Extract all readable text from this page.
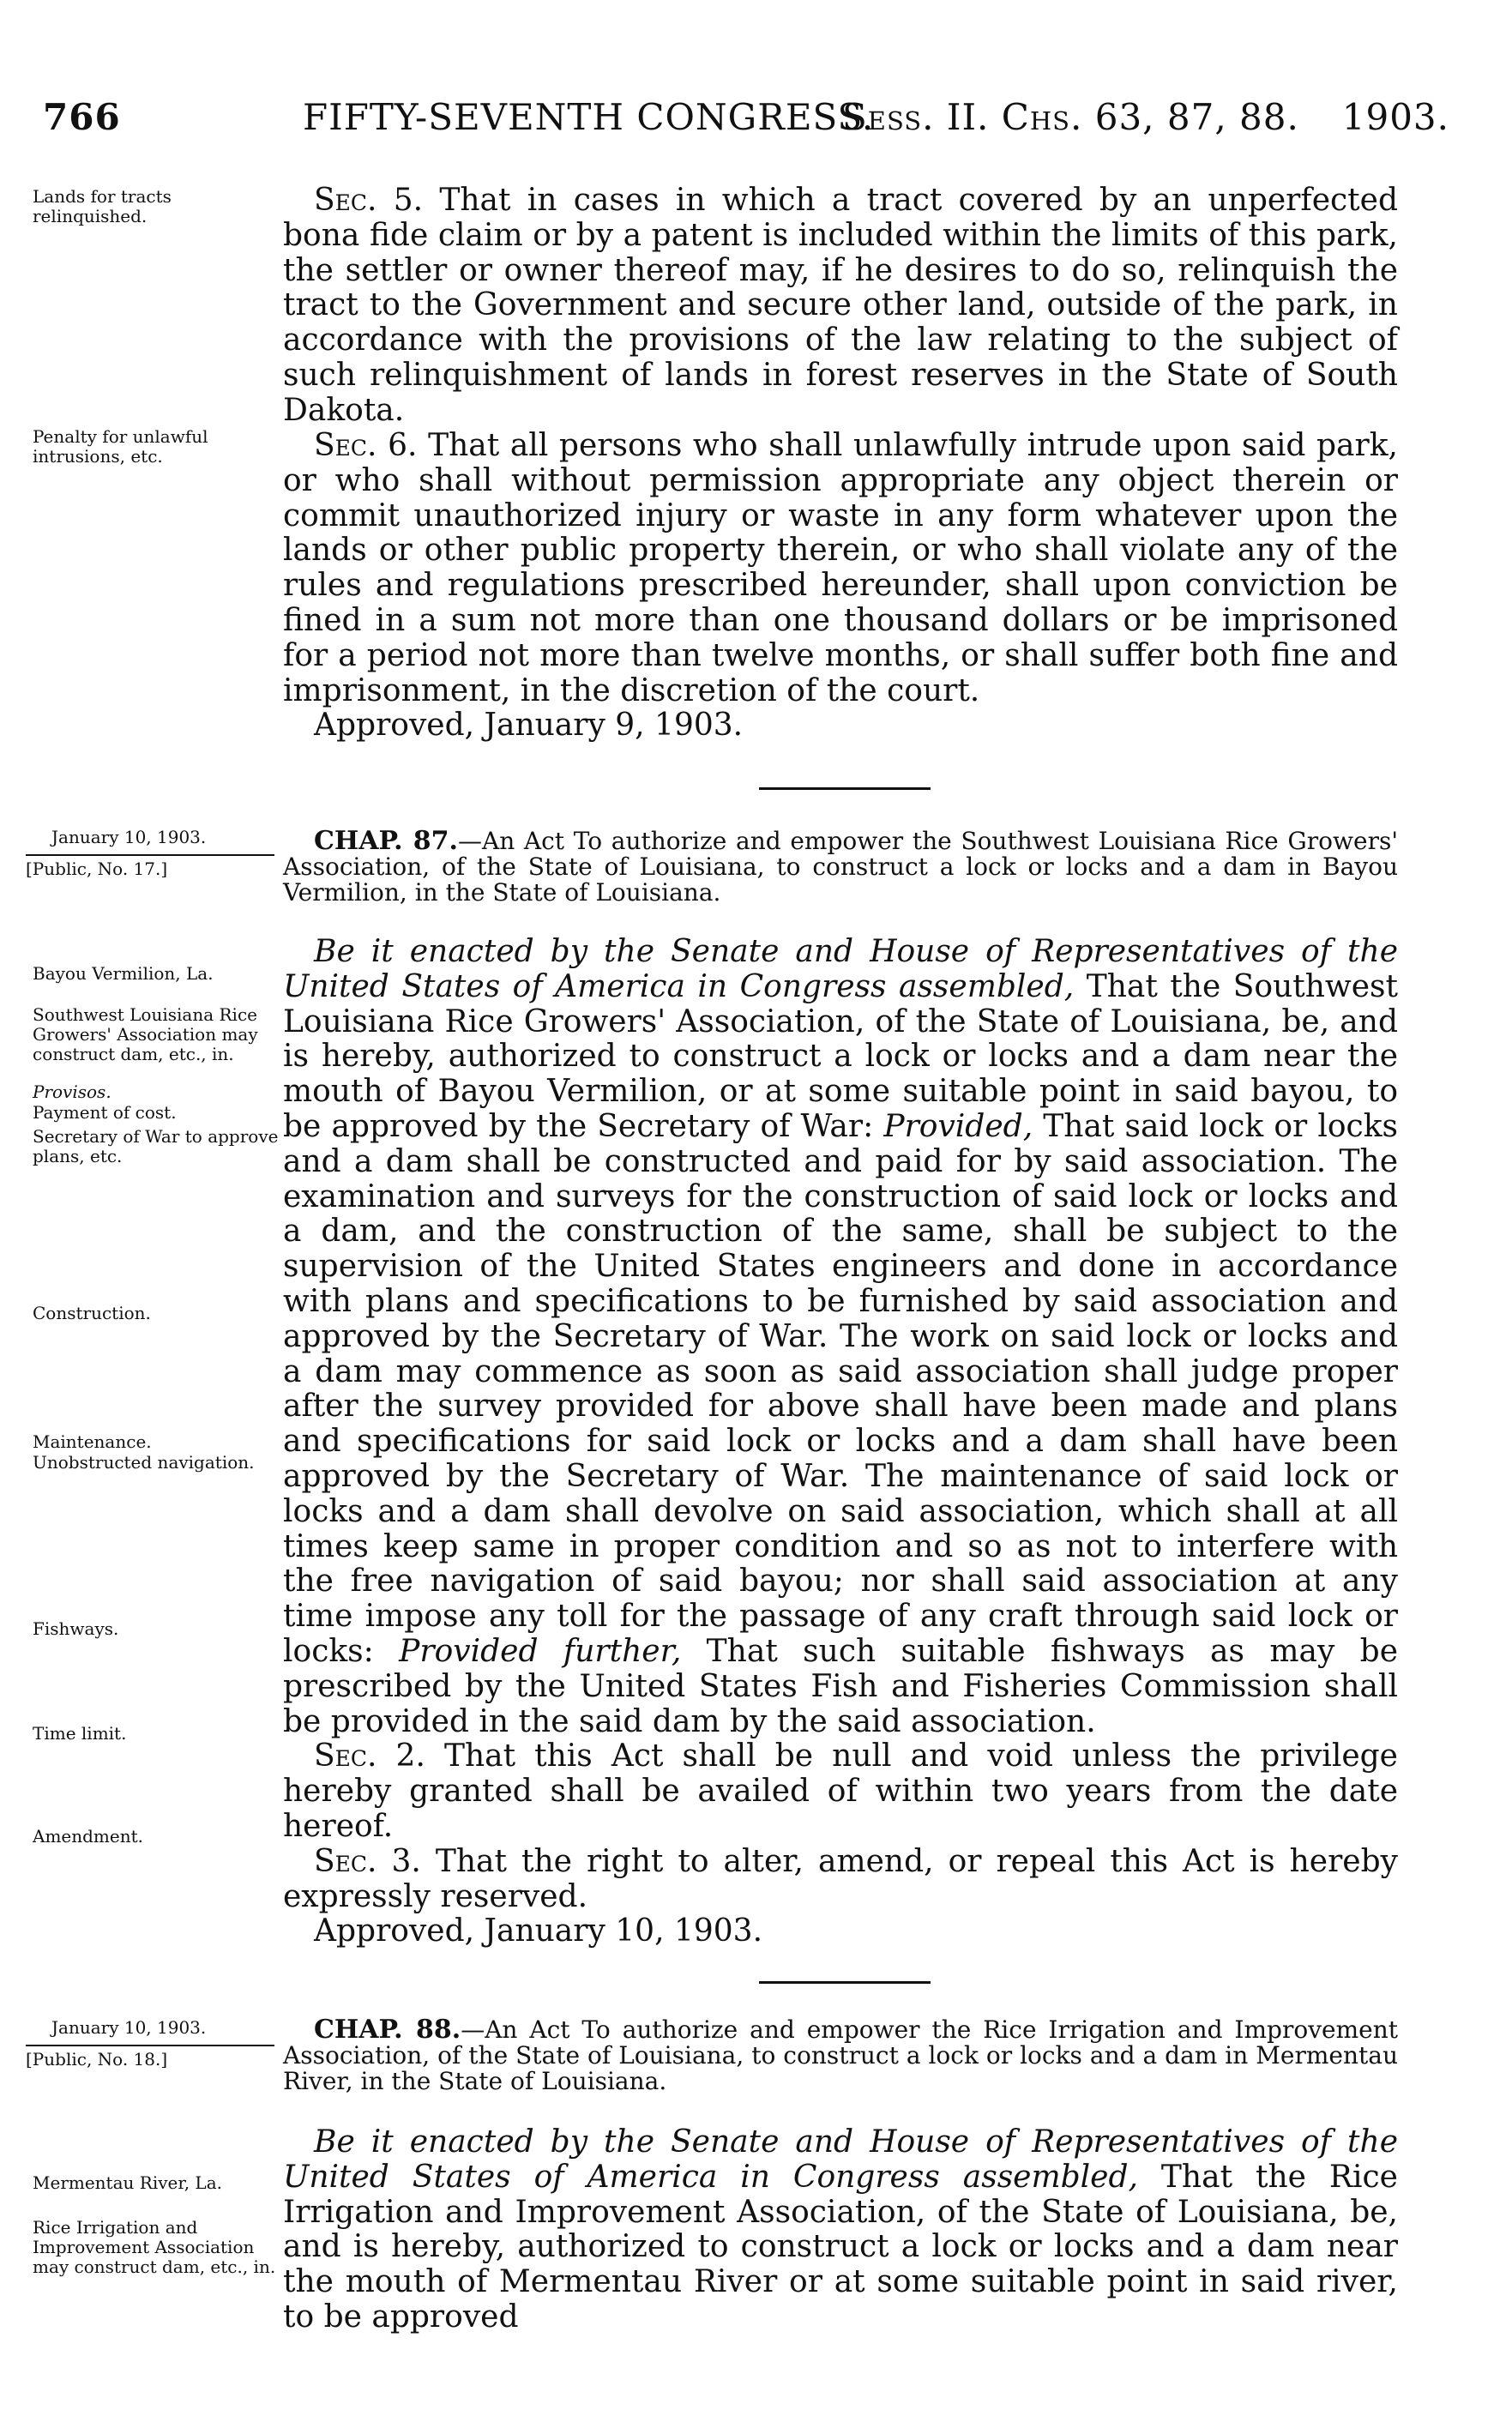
766	FIFTY-SEVENTH CONGRESS.
Sess. II. Chs. 63, 87, 88. 1903.
Lands for tracts relinquished.	Sec. 5. That in cases in which a tract covered by an unperfected bona fide claim or by a patent is included within the limits of this park, the settler or owner thereof may, if he desires to do so, relinquish the tract to the Government and secure other land, outside of the park, in accordance with the provisions of the law relating to the subject of such relinquishment of lands in forest reserves in the State of South Dakota.

Penalty for unlawful intrusions, etc.	Sec. 6. That all persons who shall unlawfully intrude upon said park, or who shall without permission appropriate any object therein or commit unauthorized injury or waste in any form whatever upon the lands or other public property therein, or who shall violate any of the rules and regulations prescribed hereunder, shall upon conviction be fined in a sum not more than one thousand dollars or be imprisoned for a period not more than twelve months, or shall suffer both fine and imprisonment, in the discretion of the court.

Approved, January 9, 1903.

January 10, 1903.
[Public, No. 17.]
CHAP. 87.—An Act To authorize and empower the Southwest Louisiana Rice Growers' Association, of the State of Louisiana, to construct a lock or locks and a dam in Bayou Vermilion, in the State of Louisiana.
Bayou Vermilion, La.
Southwest Louisiana Rice Growers' Association may construct dam, etc., in.
Provisos.
Payment of cost.
Secretary of War to approve plans, etc.
Construction.
Maintenance.
Unobstructed navigation.
Fishways.
Time limit.
Amendment.

Be it enacted by the Senate and House of Representatives of the United States of America in Congress assembled, That the Southwest Louisiana Rice Growers' Association, of the State of Louisiana, be, and is hereby, authorized to construct a lock or locks and a dam near the mouth of Bayou Vermilion, or at some suitable point in said bayou, to be approved by the Secretary of War: Provided, That said lock or locks and a dam shall be constructed and paid for by said association. The examination and surveys for the construction of said lock or locks and a dam, and the construction of the same, shall be subject to the supervision of the United States engineers and done in accordance with plans and specifications to be furnished by said association and approved by the Secretary of War. The work on said lock or locks and a dam may commence as soon as said association shall judge proper after the survey provided for above shall have been made and plans and specifications for said lock or locks and a dam shall have been approved by the Secretary of War. The maintenance of said lock or locks and a dam shall devolve on said association, which shall at all times keep same in proper condition and so as not to interfere with the free navigation of said bayou; nor shall said association at any time impose any toll for the passage of any craft through said lock or locks: Provided further, That such suitable fishways as may be prescribed by the United States Fish and Fisheries Commission shall be provided in the said dam by the said association.

Sec. 2. That this Act shall be null and void unless the privilege hereby granted shall be availed of within two years from the date hereof.

Sec. 3. That the right to alter, amend, or repeal this Act is hereby expressly reserved.

Approved, January 10, 1903.

January 10, 1903.
[Public, No. 18.]
CHAP. 88.—An Act To authorize and empower the Rice Irrigation and Improvement Association, of the State of Louisiana, to construct a lock or locks and a dam in Mermentau River, in the State of Louisiana.
Mermentau River, La.
Rice Irrigation and Improvement Association may construct dam, etc., in.

Be it enacted by the Senate and House of Representatives of the United States of America in Congress assembled, That the Rice Irrigation and Improvement Association, of the State of Louisiana, be, and is hereby, authorized to construct a lock or locks and a dam near the mouth of Mermentau River or at some suitable point in said river, to be approved
